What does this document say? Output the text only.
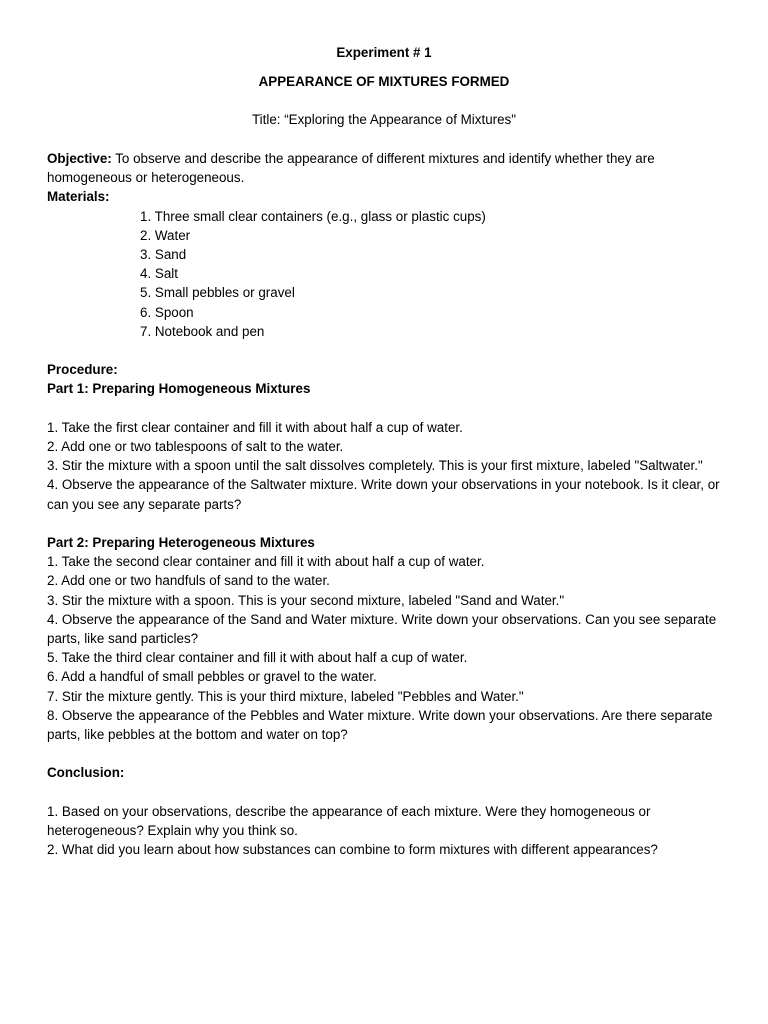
Experiment # 1

APPEARANCE OF MIXTURES FORMED

Title: “Exploring the Appearance of Mixtures"

Objective: To observe and describe the appearance of different mixtures and identify whether they are homogeneous or heterogeneous.

Materials:

1. Three small clear containers (e.g., glass or plastic cups)
2. Water
3. Sand
4. Salt
5. Small pebbles or gravel
6. Spoon
7. Notebook and pen

Procedure:

Part 1: Preparing Homogeneous Mixtures

1. Take the first clear container and fill it with about half a cup of water.

2. Add one or two tablespoons of salt to the water.

3. Stir the mixture with a spoon until the salt dissolves completely. This is your first mixture, labeled "Saltwater."

4. Observe the appearance of the Saltwater mixture. Write down your observations in your notebook. Is it clear, or can you see any separate parts?

Part 2: Preparing Heterogeneous Mixtures

1. Take the second clear container and fill it with about half a cup of water.

2. Add one or two handfuls of sand to the water.

3. Stir the mixture with a spoon. This is your second mixture, labeled "Sand and Water."

4. Observe the appearance of the Sand and Water mixture. Write down your observations. Can you see separate parts, like sand particles?

5. Take the third clear container and fill it with about half a cup of water.

6. Add a handful of small pebbles or gravel to the water.

7. Stir the mixture gently. This is your third mixture, labeled "Pebbles and Water."

8. Observe the appearance of the Pebbles and Water mixture. Write down your observations. Are there separate parts, like pebbles at the bottom and water on top?

Conclusion:

1. Based on your observations, describe the appearance of each mixture. Were they homogeneous or heterogeneous? Explain why you think so.

2. What did you learn about how substances can combine to form mixtures with different appearances?
